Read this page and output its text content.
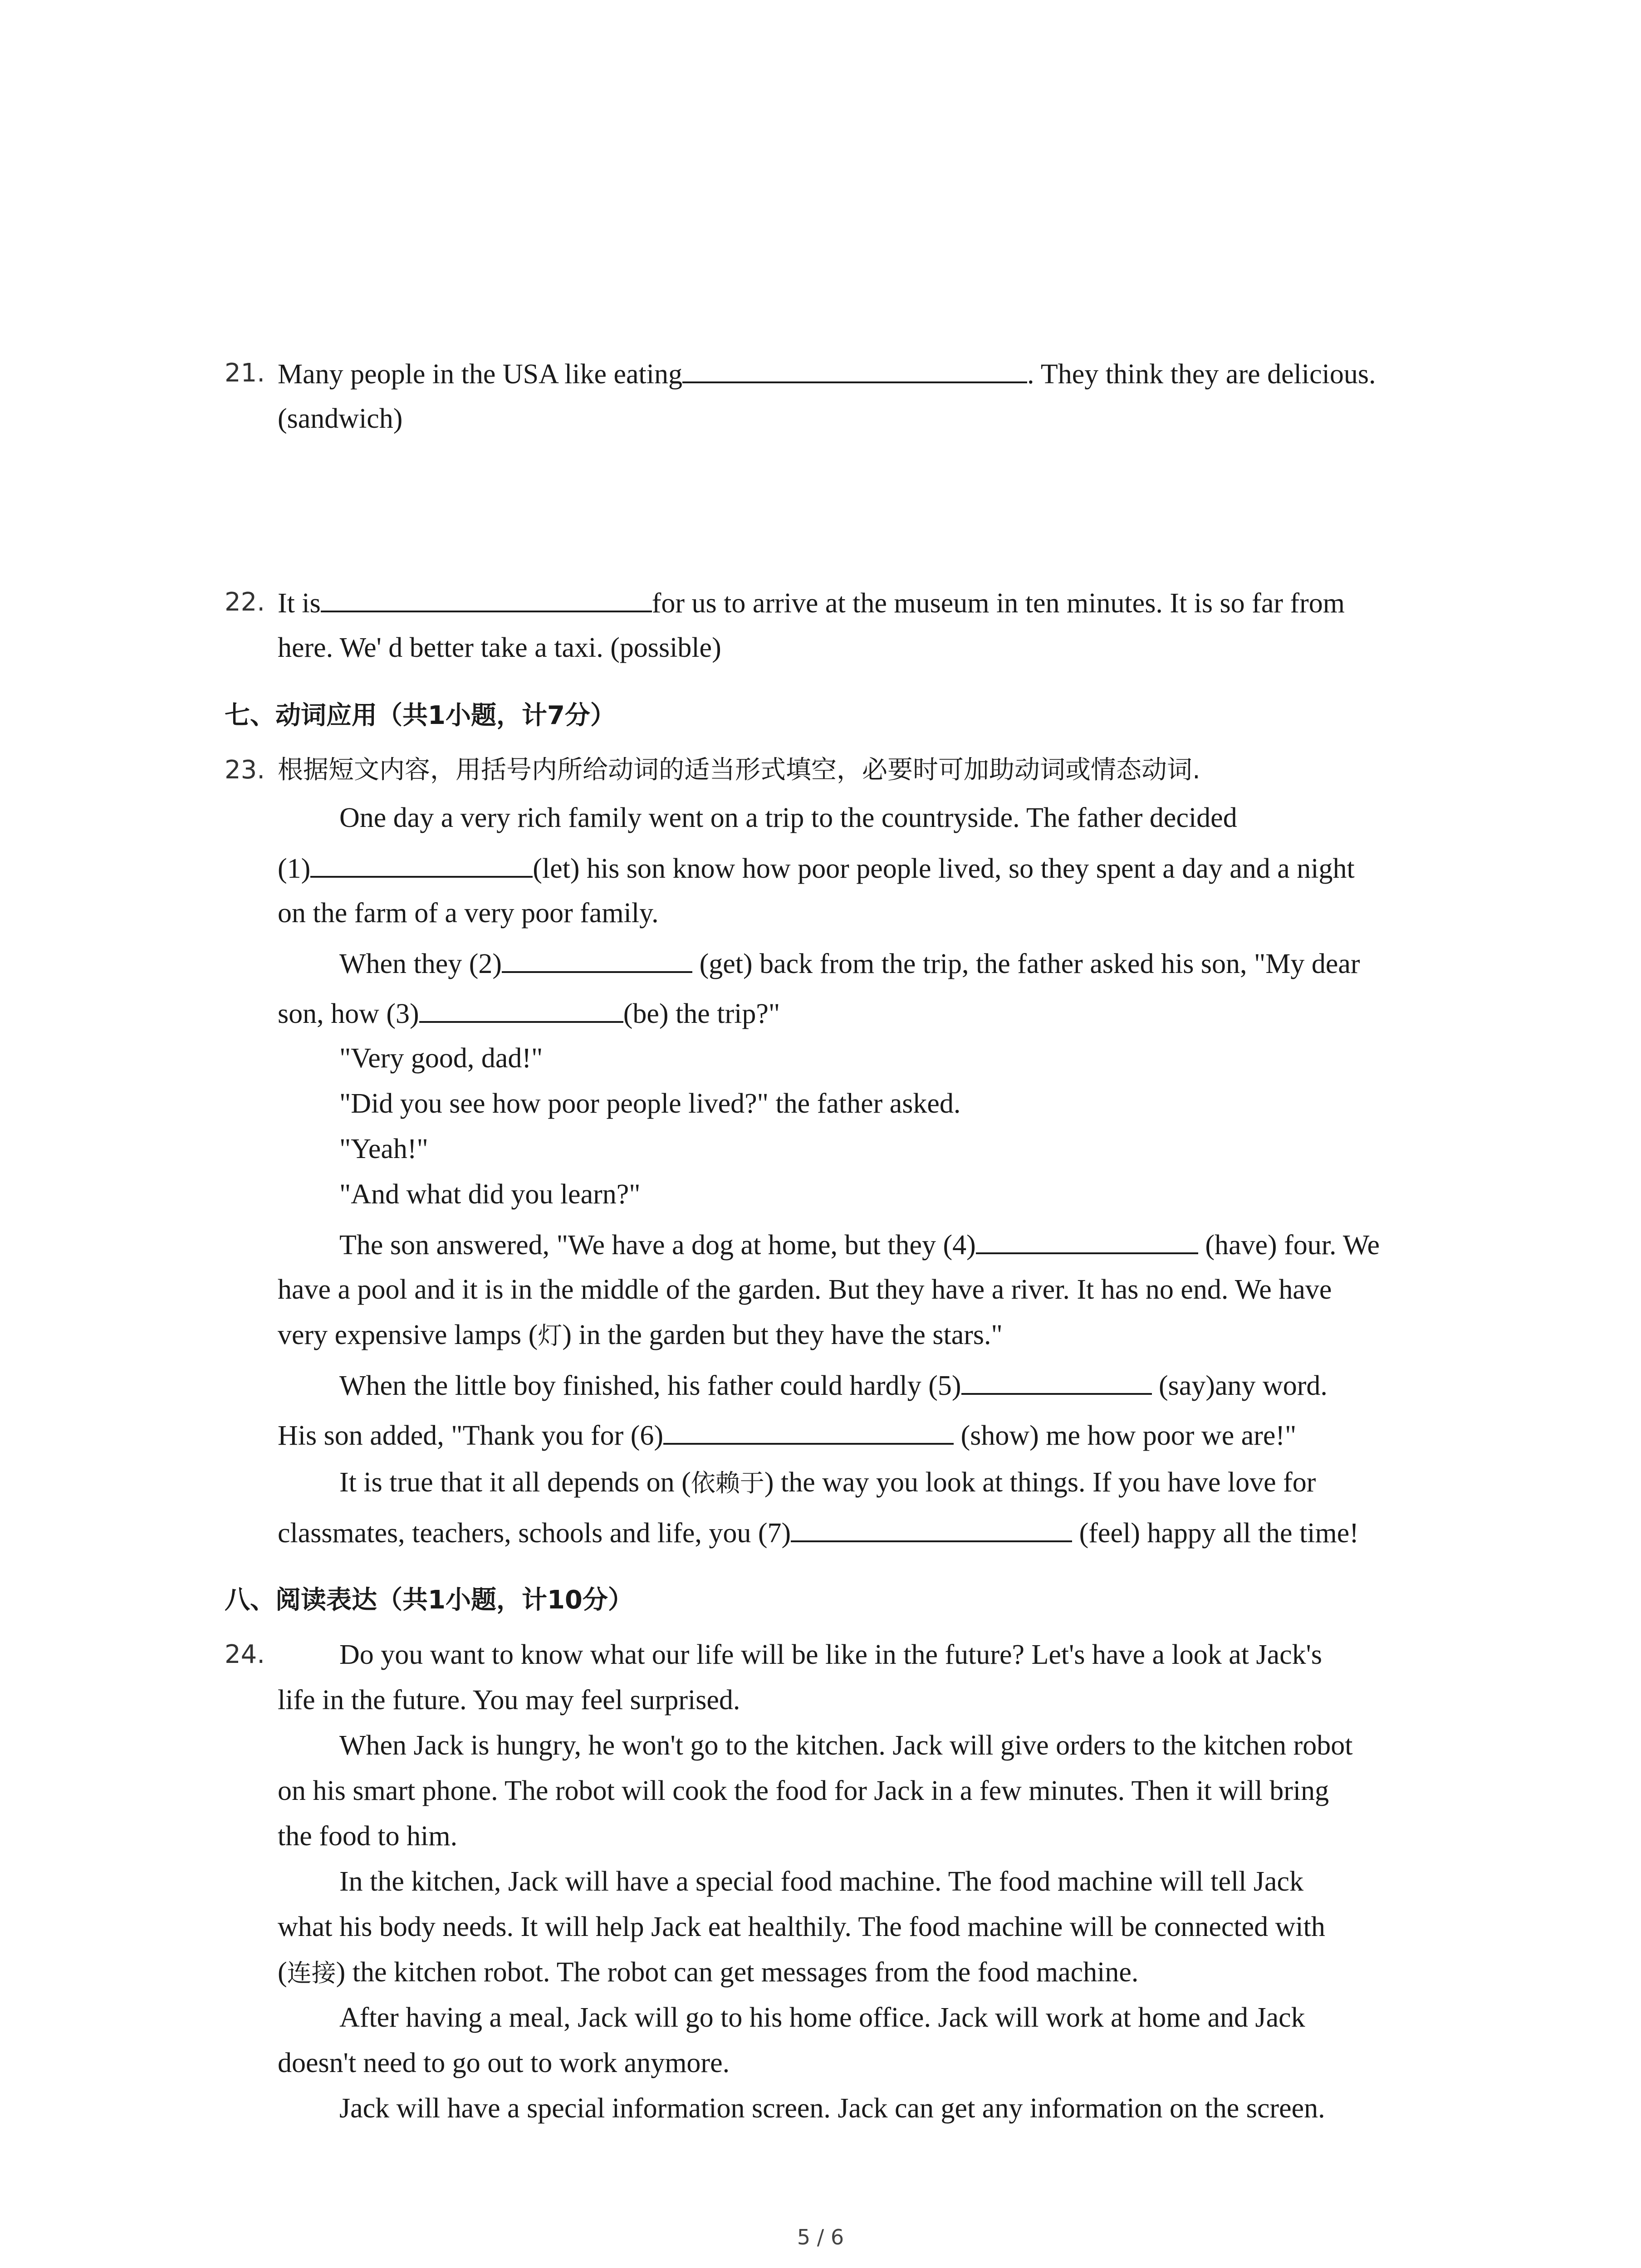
21. Many people in the USA like eating	. They think they are delicious.
(sandwich)
22. It is	for us to arrive at the museum in ten minutes. It is so far from
here. We' d better take a taxi. (possible)
七、动词应用（共1小题，计7分）
23. 根据短文内容，用括号内所给动词的适当形式填空，必要时可加助动词或情态动词.
One day a very rich family went on a trip to the countryside. The father decided
(1)	(let) his son know how poor people lived, so they spent a day and a night
on the farm of a very poor family.
When they (2)	(get) back from the trip, the father asked his son, "My dear
son, how (3)	(be) the trip?"
"Very good, dad!"
"Did you see how poor people lived?" the father asked.
"Yeah!"
"And what did you learn?"
The son answered, "We have a dog at home, but they (4)	(have) four. We
have a pool and it is in the middle of the garden. But they have a river. It has no end. We have
very expensive lamps (灯) in the garden but they have the stars."
When the little boy finished, his father could hardly (5)	(say)any word.
His son added, "Thank you for (6)	(show) me how poor we are!"
It is true that it all depends on (依赖于) the way you look at things. If you have love for
classmates, teachers, schools and life, you (7)	(feel) happy all the time!
八、阅读表达（共1小题，计10分）
24.	Do you want to know what our life will be like in the future? Let's have a look at Jack's
life in the future. You may feel surprised.
When Jack is hungry, he won't go to the kitchen. Jack will give orders to the kitchen robot
on his smart phone. The robot will cook the food for Jack in a few minutes. Then it will bring
the food to him.
In the kitchen, Jack will have a special food machine. The food machine will tell Jack
what his body needs. It will help Jack eat healthily. The food machine will be connected with
(连接) the kitchen robot. The robot can get messages from the food machine.
After having a meal, Jack will go to his home office. Jack will work at home and Jack
doesn't need to go out to work anymore.
Jack will have a special information screen. Jack can get any information on the screen.
5 / 6
